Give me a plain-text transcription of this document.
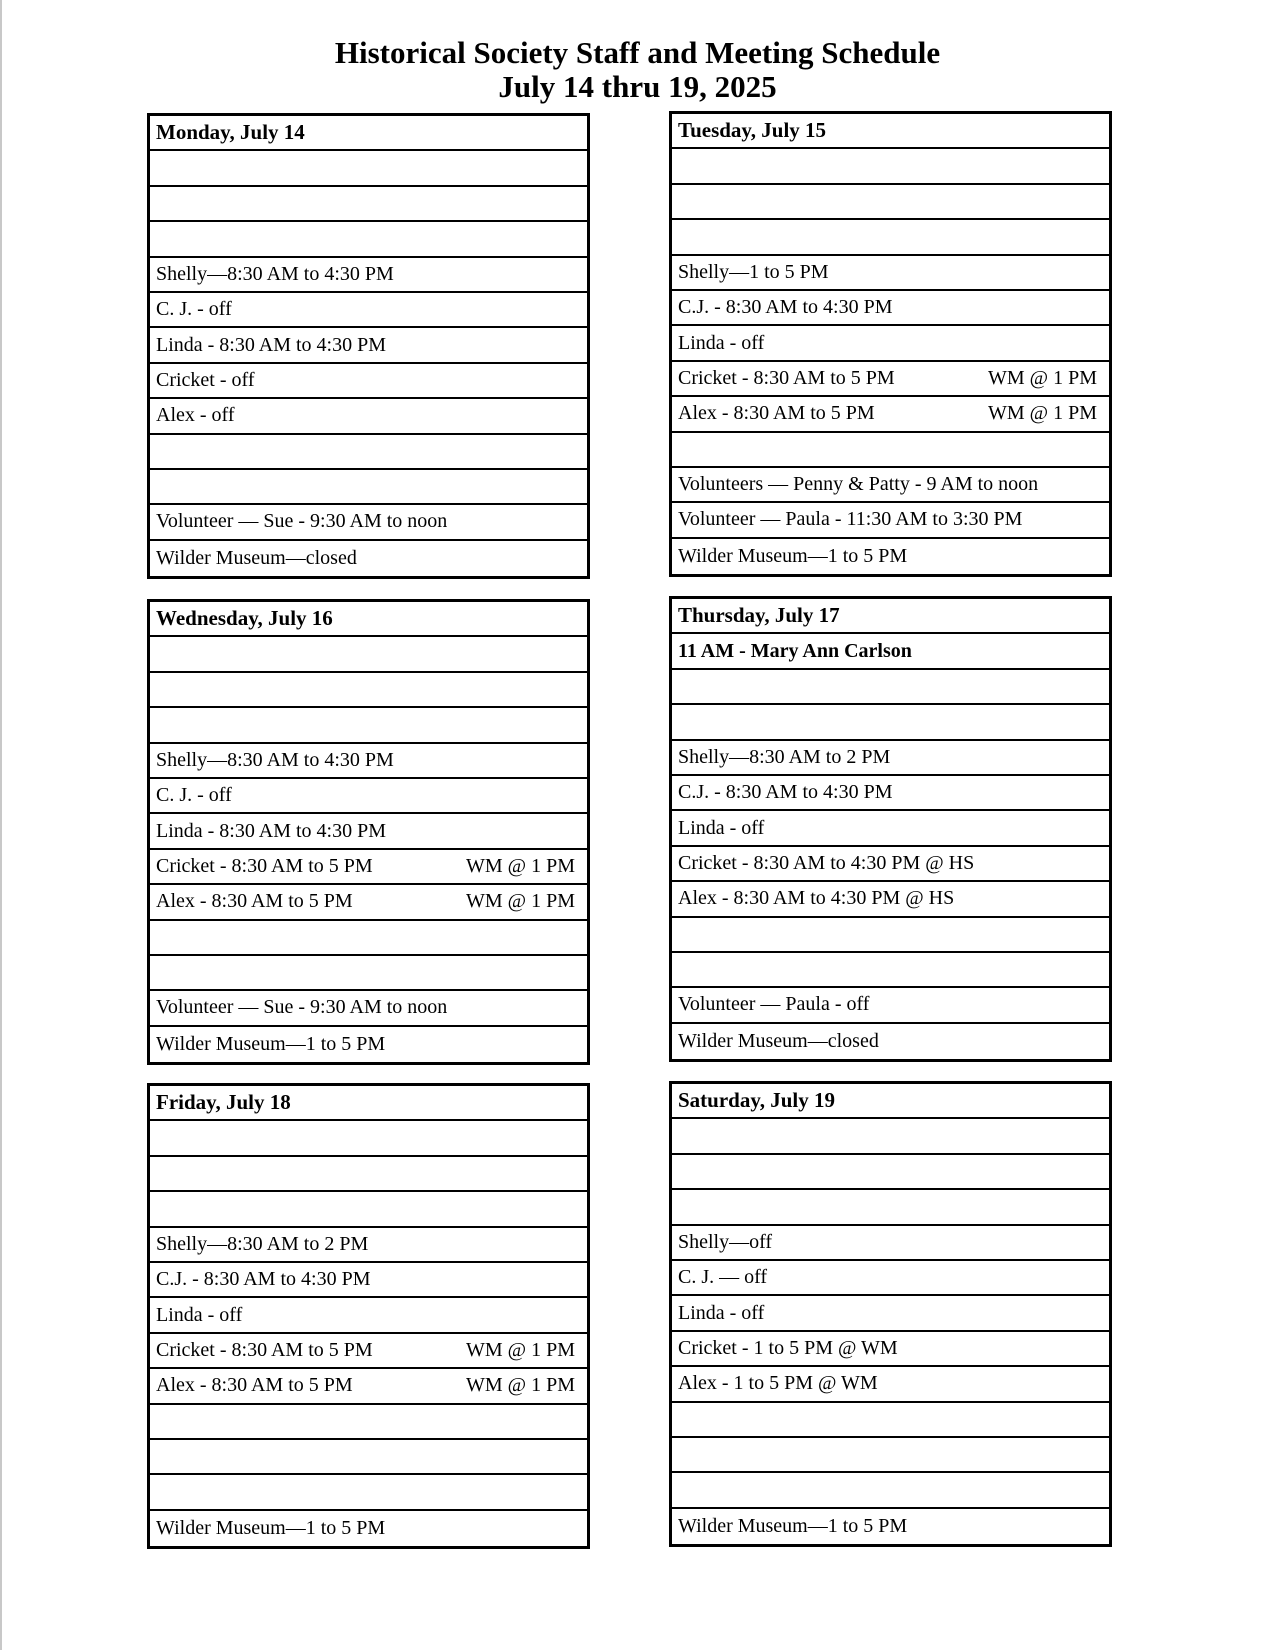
Historical Society Staff and Meeting Schedule
July 14 thru 19, 2025
Monday, July 14
Shelly—8:30 AM to 4:30 PM
C. J. - off
Linda - 8:30 AM to 4:30 PM
Cricket - off
Alex - off
Volunteer — Sue - 9:30 AM to noon
Wilder Museum—closed
Tuesday, July 15
Shelly—1 to 5 PM
C.J. - 8:30 AM to 4:30 PM
Linda - off
Cricket - 8:30 AM to 5 PM	WM @ 1 PM
Alex - 8:30 AM to 5 PM	WM @ 1 PM
Volunteers — Penny & Patty - 9 AM to noon
Volunteer — Paula - 11:30 AM to 3:30 PM
Wilder Museum—1 to 5 PM
Wednesday, July 16
Shelly—8:30 AM to 4:30 PM
C. J. - off
Linda - 8:30 AM to 4:30 PM
Cricket - 8:30 AM to 5 PM	WM @ 1 PM
Alex - 8:30 AM to 5 PM	WM @ 1 PM
Volunteer — Sue - 9:30 AM to noon
Wilder Museum—1 to 5 PM
Thursday, July 17
11 AM - Mary Ann Carlson
Shelly—8:30 AM to 2 PM
C.J. - 8:30 AM to 4:30 PM
Linda - off
Cricket - 8:30 AM to 4:30 PM @ HS
Alex - 8:30 AM to 4:30 PM @ HS
Volunteer — Paula - off
Wilder Museum—closed
Friday, July 18
Shelly—8:30 AM to 2 PM
C.J. - 8:30 AM to 4:30 PM
Linda - off
Cricket - 8:30 AM to 5 PM	WM @ 1 PM
Alex - 8:30 AM to 5 PM	WM @ 1 PM
Wilder Museum—1 to 5 PM
Saturday, July 19
Shelly—off
C. J. — off
Linda - off
Cricket - 1 to 5 PM @ WM
Alex - 1 to 5 PM @ WM
Wilder Museum—1 to 5 PM
